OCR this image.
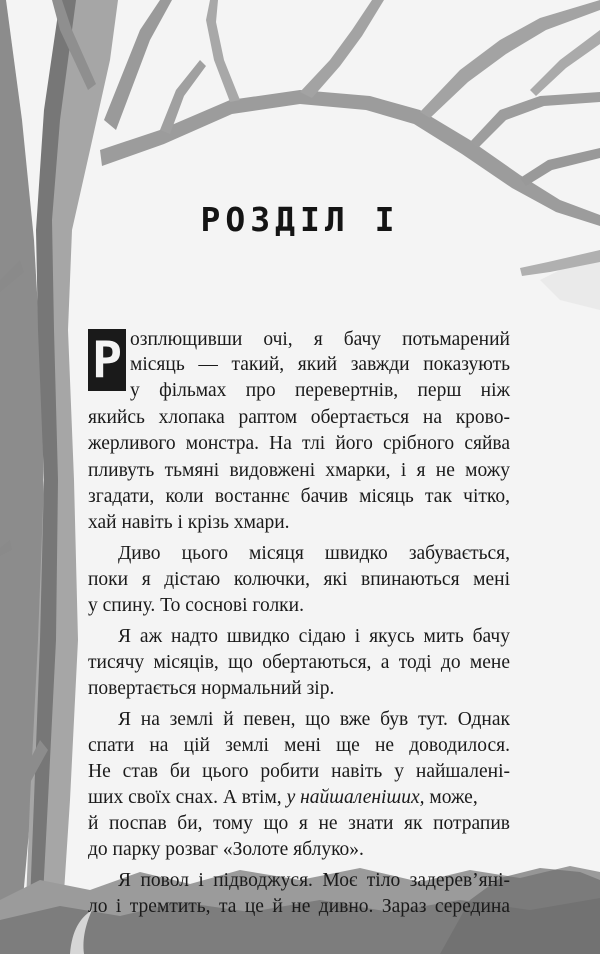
РОЗДІЛ I
Р озплющивши очі, я бачу потьмарений

місяць — такий, який завжди показують

у фільмах про перевертнів, перш ніж

якийсь хлопака раптом обертається на крово-

жерливого монстра. На тлі його срібного сяйва

пливуть тьмяні видовжені хмарки, і я не можу

згадати, коли востаннє бачив місяць так чітко,

хай навіть і крізь хмари.

Диво цього місяця швидко забувається,

поки я дістаю колючки, які впинаються мені

у спину. То соснові голки.

Я аж надто швидко сідаю і якусь мить бачу

тисячу місяців, що обертаються, а тоді до мене

повертається нормальний зір.

Я на землі й певен, що вже був тут. Однак

спати на цій землі мені ще не доводилося.

Не став би цього робити навіть у найшаленi-

ших своїх снах. А втім, у найшаленіших, може,

й поспав би, тому що я не знати як потрапив

до парку розваг «Золоте яблуко».

Я повол i підводжуся. Моє тіло задерев’яні-

ло і тремтить, та це й не дивно. Зараз середина
